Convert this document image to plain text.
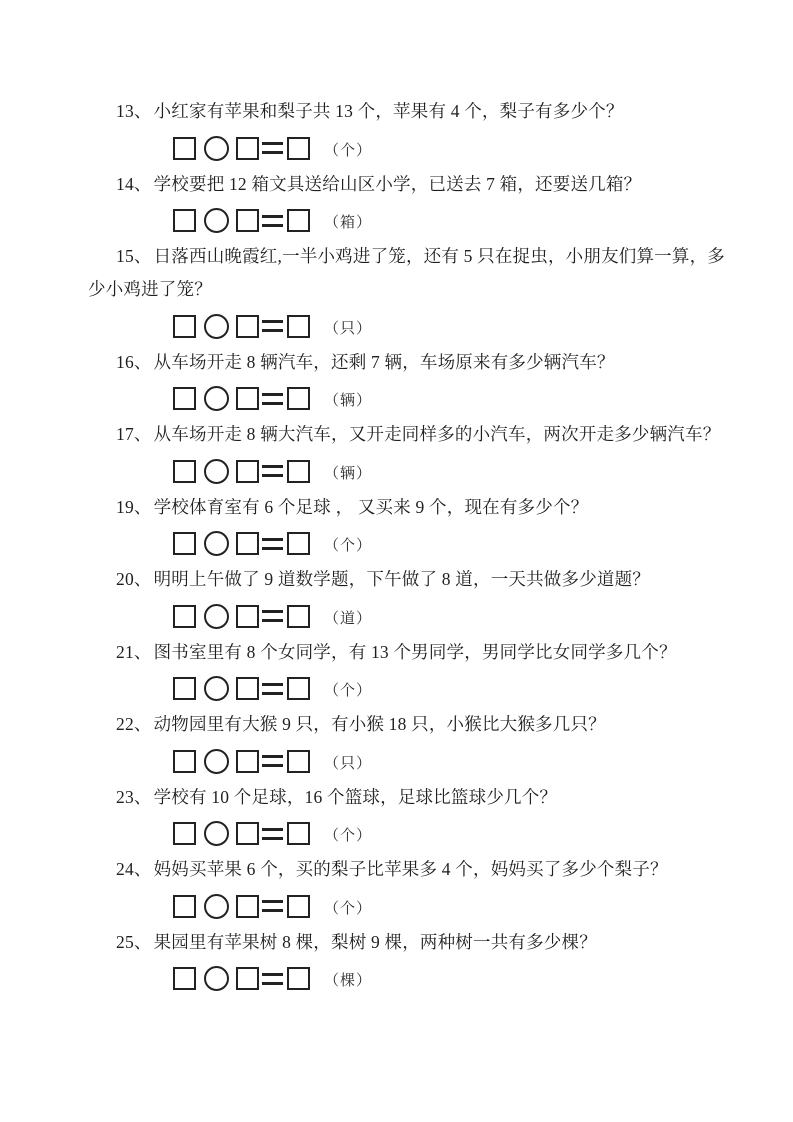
13、 小红家有苹果和梨子共 13 个，苹果有 4 个，梨子有多少个？

（个）

14、 学校要把 12 箱文具送给山区小学，已送去 7 箱，还要送几箱？

（箱）

15、 日落西山晚霞红,一半小鸡进了笼，还有 5 只在捉虫，小朋友们算一算，多少小鸡进了笼？

（只）

16、 从车场开走 8 辆汽车，还剩 7 辆，车场原来有多少辆汽车？

（辆）

17、 从车场开走 8 辆大汽车，又开走同样多的小汽车，两次开走多少辆汽车？

（辆）

19、 学校体育室有 6 个足球 ， 又买来 9 个，现在有多少个？

（个）

20、 明明上午做了 9 道数学题，下午做了 8 道，一天共做多少道题？

（道）

21、 图书室里有 8 个女同学，有 13 个男同学，男同学比女同学多几个？

（个）

22、 动物园里有大猴 9 只，有小猴 18 只，小猴比大猴多几只？

（只）

23、 学校有 10 个足球，16 个篮球，足球比篮球少几个？

（个）

24、 妈妈买苹果 6 个，买的梨子比苹果多 4 个，妈妈买了多少个梨子？

（个）

25、 果园里有苹果树 8 棵，梨树 9 棵，两种树一共有多少棵？

（棵）
